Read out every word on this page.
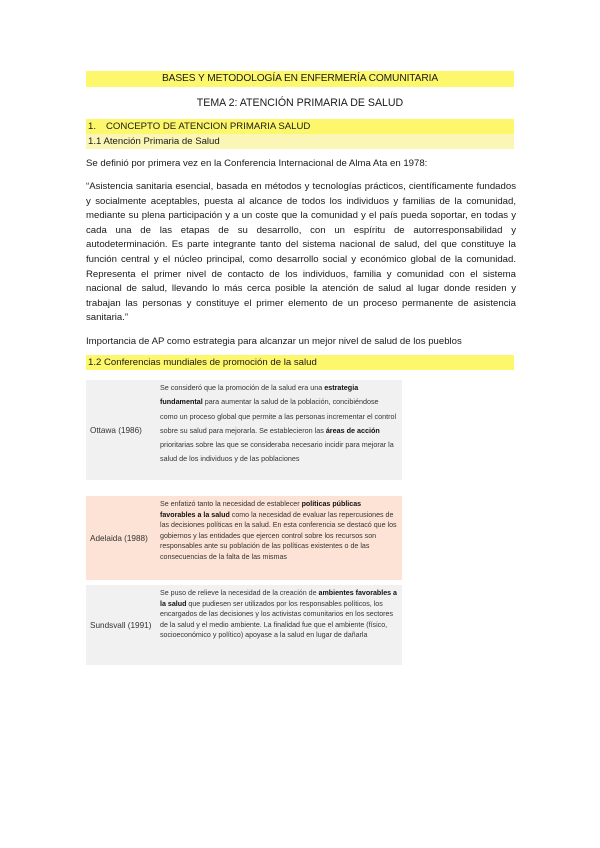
BASES Y METODOLOGÍA EN ENFERMERÍA COMUNITARIA
TEMA 2: ATENCIÓN PRIMARIA DE SALUD
1. CONCEPTO DE ATENCION PRIMARIA SALUD
1.1 Atención Primaria de Salud
Se definió por primera vez en la Conferencia Internacional de Alma Ata en 1978:

“Asistencia sanitaria esencial, basada en métodos y tecnologías prácticos, científicamente fundados y socialmente aceptables, puesta al alcance de todos los individuos y familias de la comunidad, mediante su plena participación y a un coste que la comunidad y el país pueda soportar, en todas y cada una de las etapas de su desarrollo, con un espíritu de autorresponsabilidad y autodeterminación. Es parte integrante tanto del sistema nacional de salud, del que constituye la función central y el núcleo principal, como desarrollo social y económico global de la comunidad. Representa el primer nivel de contacto de los individuos, familia y comunidad con el sistema nacional de salud, llevando lo más cerca posible la atención de salud al lugar donde residen y trabajan las personas y constituye el primer elemento de un proceso permanente de asistencia sanitaria.”

Importancia de AP como estrategia para alcanzar un mejor nivel de salud de los pueblos
1.2 Conferencias mundiales de promoción de la salud
Ottawa (1986)
Se consideró que la promoción de la salud era una estrategia fundamental para aumentar la salud de la población, concibiéndose como un proceso global que permite a las personas incrementar el control sobre su salud para mejorarla. Se establecieron las áreas de acción prioritarias sobre las que se consideraba necesario incidir para mejorar la salud de los individuos y de las poblaciones
Adelaida (1988)
Se enfatizó tanto la necesidad de establecer políticas públicas favorables a la salud como la necesidad de evaluar las repercusiones de las decisiones políticas en la salud. En esta conferencia se destacó que los gobiernos y las entidades que ejercen control sobre los recursos son responsables ante su población de las políticas existentes o de las consecuencias de la falta de las mismas
Sundsvall (1991)
Se puso de relieve la necesidad de la creación de ambientes favorables a la salud que pudiesen ser utilizados por los responsables políticos, los encargados de las decisiones y los activistas comunitarios en los sectores de la salud y el medio ambiente. La finalidad fue que el ambiente (físico, socioeconómico y político) apoyase a la salud en lugar de dañarla
